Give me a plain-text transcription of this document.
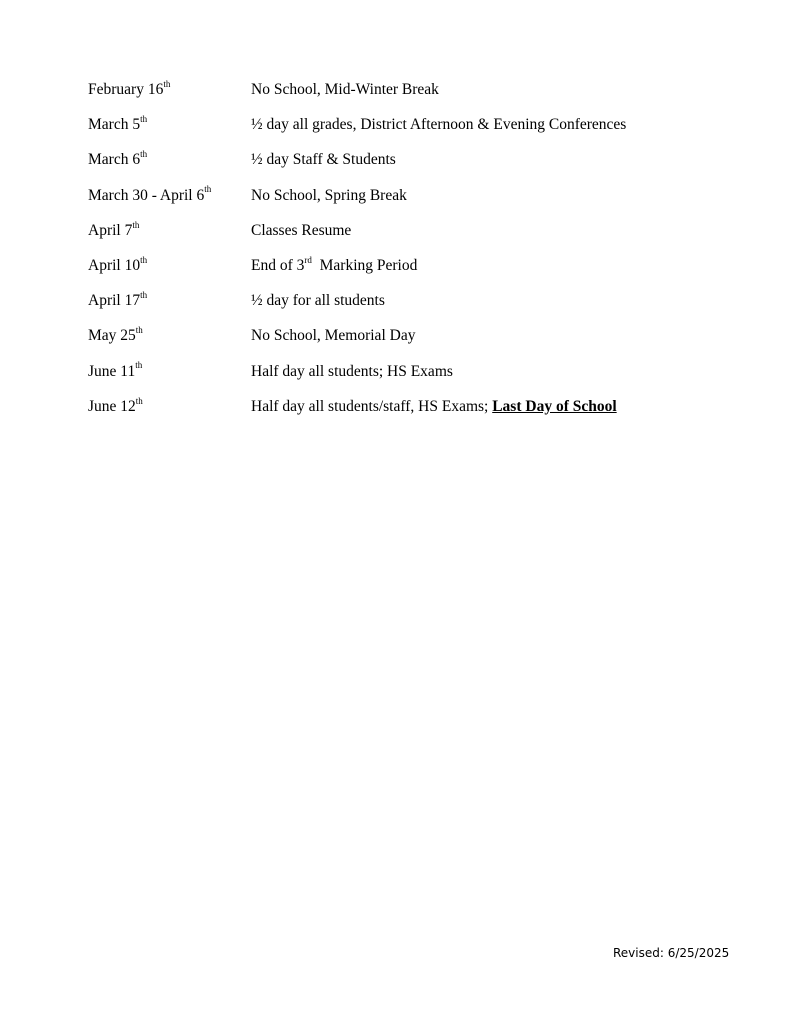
February 16th	No School, Mid-Winter Break
March 5th	½ day all grades, District Afternoon & Evening Conferences
March 6th	½ day Staff & Students
March 30 - April 6th	No School, Spring Break
April 7th	Classes Resume
April 10th	End of 3rd  Marking Period
April 17th	½ day for all students
May 25th	No School, Memorial Day
June 11th	Half day all students; HS Exams
June 12th	Half day all students/staff, HS Exams; Last Day of School
Revised: 6/25/2025
